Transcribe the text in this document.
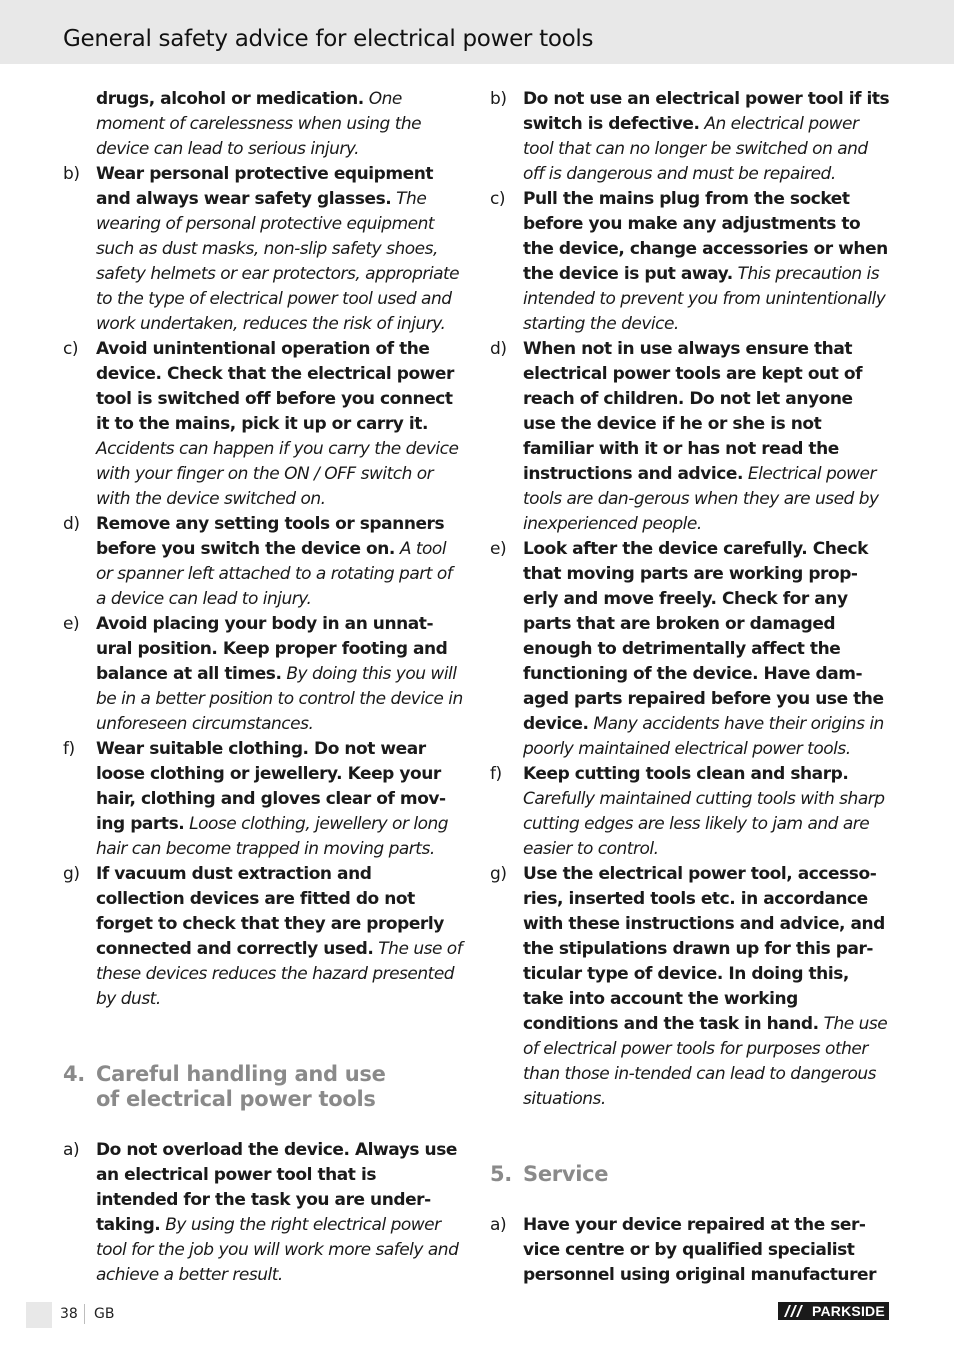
General safety advice for electrical power tools

drugs, alcohol or medication. One moment of carelessness when using the device can lead to serious injury.

b) Wear personal protective equipment and always wear safety glasses. The wearing of personal protective equipment such as dust masks, non-slip safety shoes, safety helmets or ear protectors, appropriate to the type of electrical power tool used and work undertaken, reduces the risk of injury.

c) Avoid unintentional operation of the device. Check that the electrical power tool is switched off before you connect it to the mains, pick it up or carry it. Accidents can happen if you carry the device with your finger on the ON / OFF switch or with the device switched on.

d) Remove any setting tools or spanners before you switch the device on. A tool or spanner left attached to a rotating part of a device can lead to injury.

e) Avoid placing your body in an unnat-ural position. Keep proper footing and balance at all times. By doing this you will be in a better position to control the device in unforeseen circumstances.

f) Wear suitable clothing. Do not wear loose clothing or jewellery. Keep your hair, clothing and gloves clear of mov-ing parts. Loose clothing, jewellery or long hair can become trapped in moving parts.

g) If vacuum dust extraction and collection devices are fitted do not forget to check that they are properly connected and correctly used. The use of these devices reduces the hazard presented by dust.

4. Careful handling and use
of electrical power tools

a) Do not overload the device. Always use an electrical power tool that is intended for the task you are under-taking. By using the right electrical power tool for the job you will work more safely and achieve a better result.

b) Do not use an electrical power tool if its switch is defective. An electrical power tool that can no longer be switched on and off is dangerous and must be repaired.

c) Pull the mains plug from the socket before you make any adjustments to the device, change accessories or when the device is put away. This precaution is intended to prevent you from unintentionally starting the device.

d) When not in use always ensure that electrical power tools are kept out of reach of children. Do not let anyone use the device if he or she is not familiar with it or has not read the instructions and advice. Electrical power tools are dan-gerous when they are used by inexperienced people.

e) Look after the device carefully. Check that moving parts are working prop-erly and move freely. Check for any parts that are broken or damaged enough to detrimentally affect the functioning of the device. Have dam-aged parts repaired before you use the device. Many accidents have their origins in poorly maintained electrical power tools.

f) Keep cutting tools clean and sharp. Carefully maintained cutting tools with sharp cutting edges are less likely to jam and are easier to control.

g) Use the electrical power tool, accesso-ries, inserted tools etc. in accordance with these instructions and advice, and the stipulations drawn up for this par-ticular type of device. In doing this, take into account the working conditions and the task in hand. The use of electrical power tools for purposes other than those in-tended can lead to dangerous situations.

5. Service

a) Have your device repaired at the ser-vice centre or by qualified specialist personnel using original manufacturer

38 GB	PARKSIDE
